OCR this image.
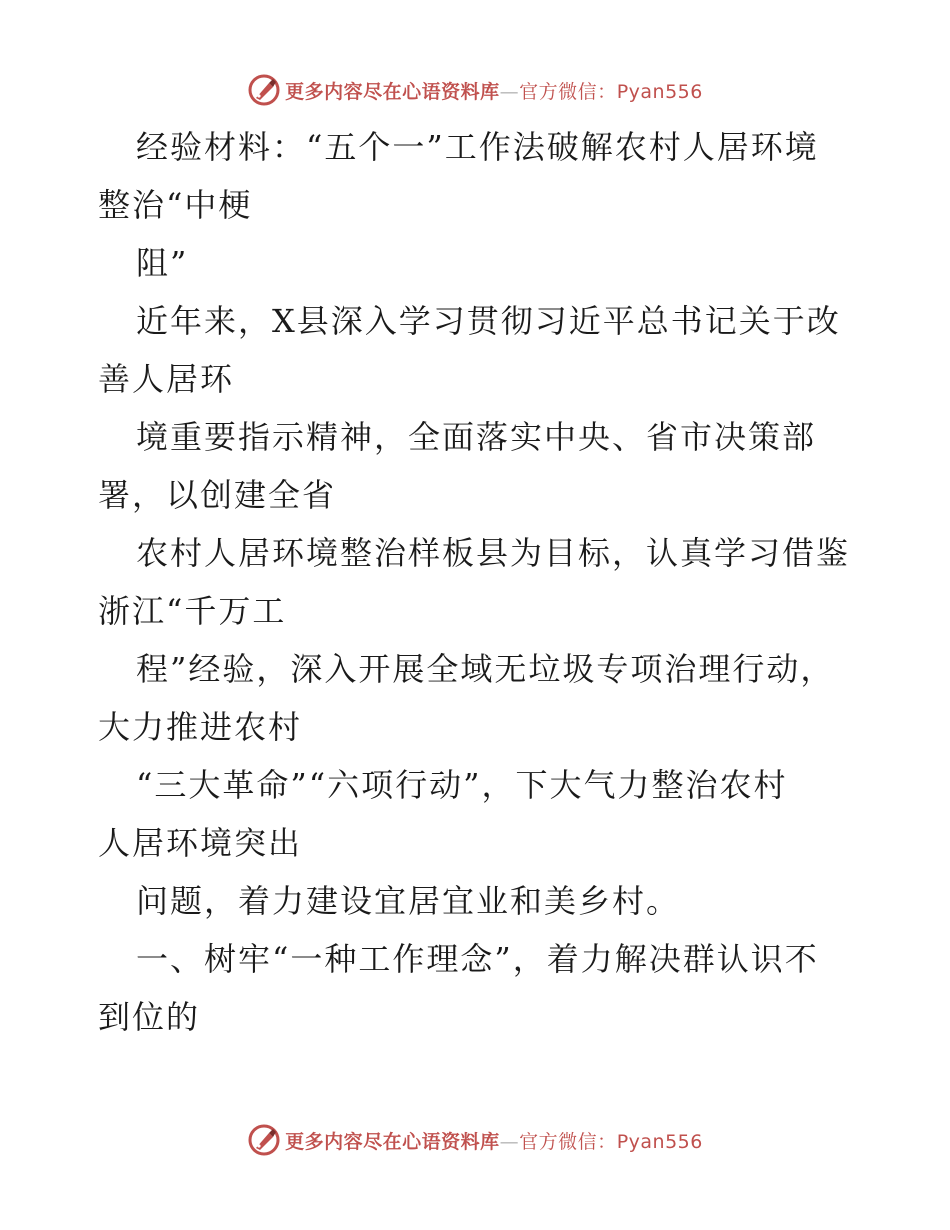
更多内容尽在心语资料库—官方微信：Pyan556
经验材料：“五个一”工作法破解农村人居环境
整治“中梗
阻”
近年来，X县深入学习贯彻习近平总书记关于改
善人居环
境重要指示精神，全面落实中央、省市决策部
署，以创建全省
农村人居环境整治样板县为目标，认真学习借鉴
浙江“千万工
程”经验，深入开展全域无垃圾专项治理行动，
大力推进农村
“三大革命”“六项行动”，下大气力整治农村
人居环境突出
问题，着力建设宜居宜业和美乡村。
一、树牢“一种工作理念”，着力解决群认识不
到位的
更多内容尽在心语资料库—官方微信：Pyan556
